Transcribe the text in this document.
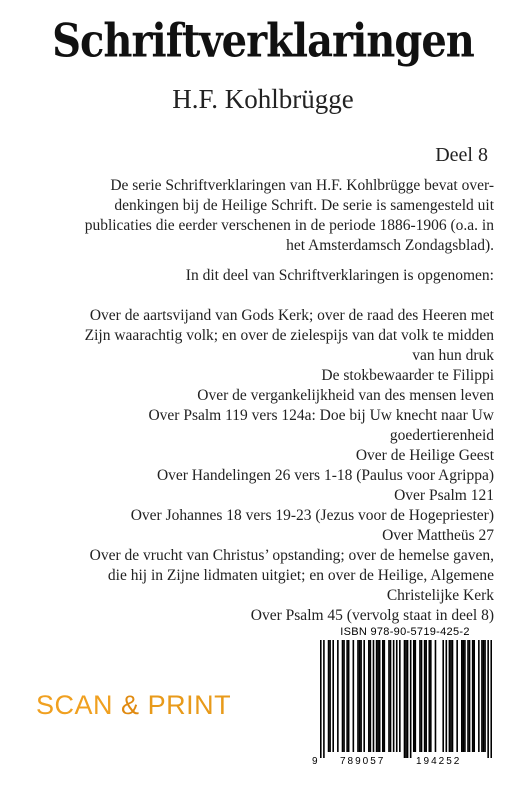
Schriftverklaringen
H.F. Kohlbrügge
Deel 8
De serie Schriftverklaringen van H.F. Kohlbrügge bevat over-
denkingen bij de Heilige Schrift. De serie is samengesteld uit
publicaties die eerder verschenen in de periode 1886-1906 (o.a. in
het Amsterdamsch Zondagsblad).
In dit deel van Schriftverklaringen is opgenomen:
Over de aartsvijand van Gods Kerk; over de raad des Heeren met
Zijn waarachtig volk; en over de zielespijs van dat volk te midden
van hun druk
De stokbewaarder te Filippi
Over de vergankelijkheid van des mensen leven
Over Psalm 119 vers 124a: Doe bij Uw knecht naar Uw
goedertierenheid
Over de Heilige Geest
Over Handelingen 26 vers 1-18 (Paulus voor Agrippa)
Over Psalm 121
Over Johannes 18 vers 19-23 (Jezus voor de Hogepriester)
Over Mattheüs 27
Over de vrucht van Christus’ opstanding; over de hemelse gaven,
die hij in Zijne lidmaten uitgiet; en over de Heilige, Algemene
Christelijke Kerk
Over Psalm 45 (vervolg staat in deel 8)
SCAN & PRINT
ISBN 978-90-5719-425-2
9 789057	194252
